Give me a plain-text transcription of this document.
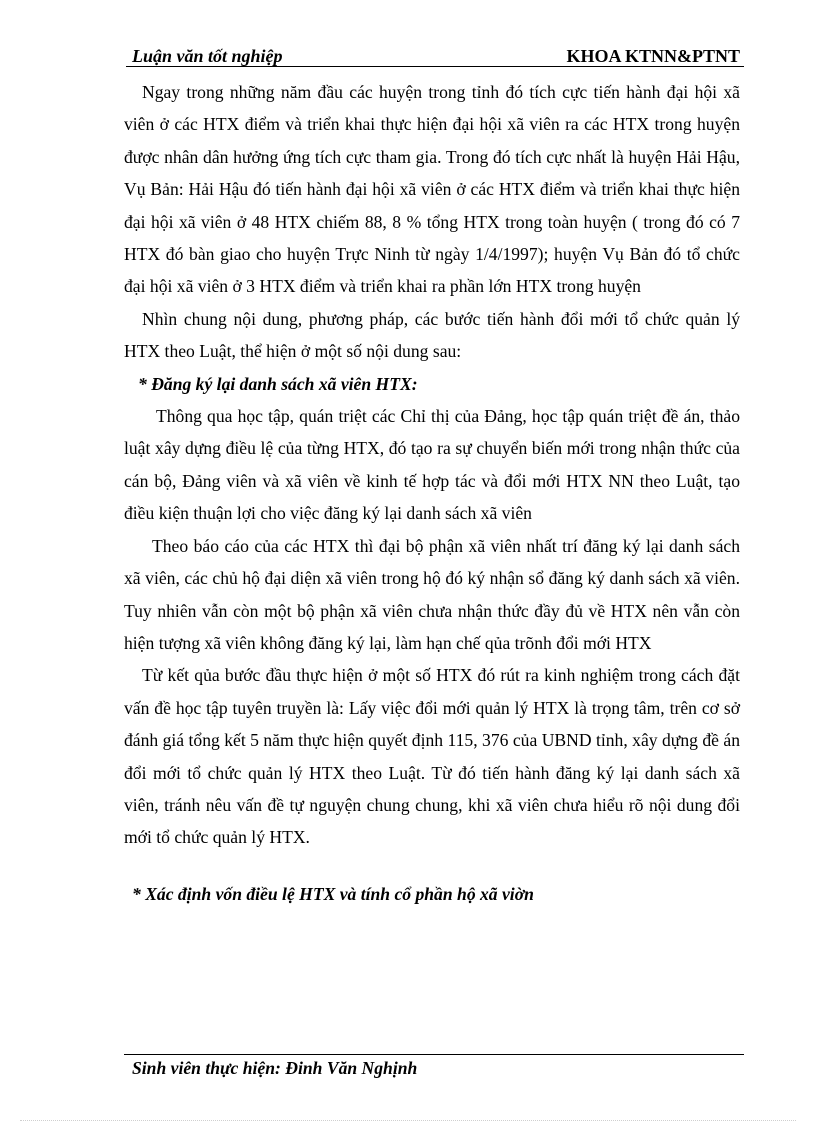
Luận văn tốt nghiệp	KHOA KTNN&PTNT

Ngay trong những năm đầu các huyện trong tỉnh đó tích cực tiến hành đại hội xã viên ở các HTX điểm và triển khai thực hiện đại hội xã viên ra các HTX trong huyện được nhân dân hưởng ứng tích cực tham gia. Trong đó tích cực nhất là huyện Hải Hậu, Vụ Bản: Hải Hậu đó tiến hành đại hội xã viên ở các HTX điểm và triển khai thực hiện đại hội xã viên ở 48 HTX chiếm 88, 8 % tổng HTX trong toàn huyện ( trong đó có 7 HTX đó bàn giao cho huyện Trực Ninh từ ngày 1/4/1997); huyện Vụ Bản đó tổ chức đại hội xã viên ở 3 HTX điểm và triển khai ra phần lớn HTX trong huyện

Nhìn chung nội dung, phương pháp, các bước tiến hành đổi mới tổ chức quản lý HTX theo Luật, thể hiện ở một số nội dung sau:

* Đăng ký lại danh sách xã viên HTX:

Thông qua học tập, quán triệt các Chỉ thị của Đảng, học tập quán triệt đề án, thảo luật xây dựng điều lệ của từng HTX, đó tạo ra sự chuyển biến mới trong nhận thức của cán bộ, Đảng viên và xã viên về kinh tế hợp tác và đổi mới HTX NN theo Luật, tạo điều kiện thuận lợi cho việc đăng ký lại danh sách xã viên

Theo báo cáo của các HTX thì đại bộ phận xã viên nhất trí đăng ký lại danh sách xã viên, các chủ hộ đại diện xã viên trong hộ đó ký nhận sổ đăng ký danh sách xã viên. Tuy nhiên vẫn còn một bộ phận xã viên chưa nhận thức đầy đủ về HTX nên vẫn còn hiện tượng xã viên không đăng ký lại, làm hạn chế qủa trõnh đổi mới HTX

Từ kết qủa bước đầu thực hiện ở một số HTX đó rút ra kinh nghiệm trong cách đặt vấn đề học tập tuyên truyền là: Lấy việc đổi mới quản lý HTX là trọng tâm, trên cơ sở đánh giá tổng kết 5 năm thực hiện quyết định 115, 376 của UBND tỉnh, xây dựng đề án đổi mới tổ chức quản lý HTX theo Luật. Từ đó tiến hành đăng ký lại danh sách xã viên, tránh nêu vấn đề tự nguyện chung chung, khi xã viên chưa hiểu rõ nội dung đổi mới tổ chức quản lý HTX.

* Xác định vốn điều lệ HTX và tính cổ phần hộ xã viờn

Sinh viên thực hiện: Đinh Văn Nghịnh
